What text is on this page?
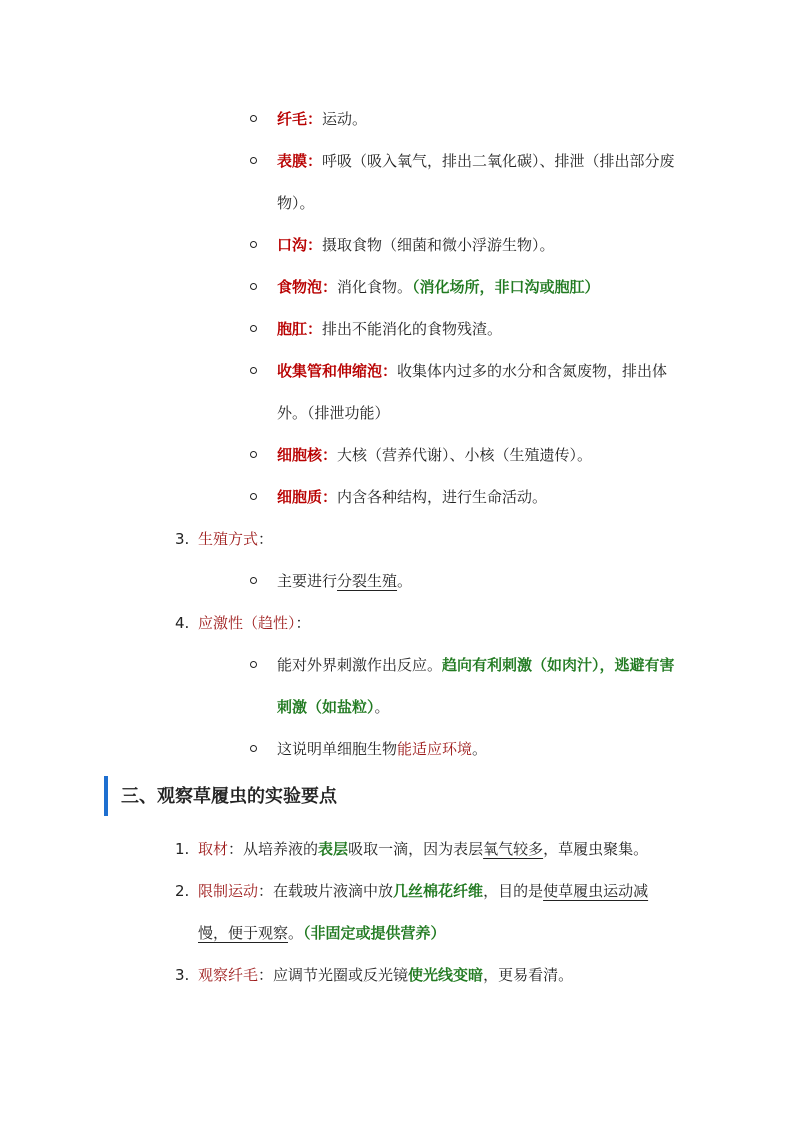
纤毛：运动。
表膜：呼吸（吸入氧气，排出二氧化碳）、排泄（排出部分废物）。
口沟：摄取食物（细菌和微小浮游生物）。
食物泡：消化食物。（消化场所，非口沟或胞肛）
胞肛：排出不能消化的食物残渣。
收集管和伸缩泡：收集体内过多的水分和含氮废物，排出体外。（排泄功能）
细胞核：大核（营养代谢）、小核（生殖遗传）。
细胞质：内含各种结构，进行生命活动。
3. 生殖方式：
主要进行分裂生殖。
4. 应激性（趋性）：
能对外界刺激作出反应。趋向有利刺激（如肉汁），逃避有害刺激（如盐粒）。
这说明单细胞生物能适应环境。
三、观察草履虫的实验要点
1. 取材：从培养液的表层吸取一滴，因为表层氧气较多，草履虫聚集。
2. 限制运动：在载玻片液滴中放几丝棉花纤维，目的是使草履虫运动减慢，便于观察。（非固定或提供营养）
3. 观察纤毛：应调节光圈或反光镜使光线变暗，更易看清。
